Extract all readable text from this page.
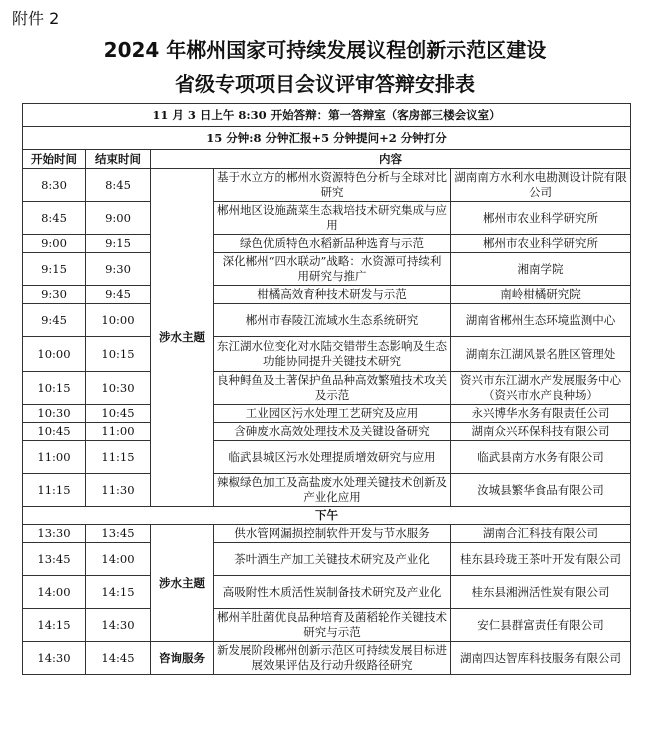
附件 2
2024 年郴州国家可持续发展议程创新示范区建设
省级专项项目会议评审答辩安排表
11 月 3 日上午 8:30 开始答辩：第一答辩室（客房部三楼会议室）				
15 分钟:8 分钟汇报+5 分钟提问+2 分钟打分				
开始时间	结束时间	内容		
8:30	8:45	涉水主题	基于水立方的郴州水资源特色分析与全球对比研究	湖南南方水利水电勘测设计院有限公司
8:45	9:00		郴州地区设施蔬菜生态栽培技术研究集成与应用	郴州市农业科学研究所
9:00	9:15		绿色优质特色水稻新品种选育与示范	郴州市农业科学研究所
9:15	9:30		深化郴州“四水联动”战略：水资源可持续利用研究与推广	湘南学院
9:30	9:45		柑橘高效育种技术研发与示范	南岭柑橘研究院
9:45	10:00		郴州市春陵江流域水生态系统研究	湖南省郴州生态环境监测中心
10:00	10:15		东江湖水位变化对水陆交错带生态影响及生态功能协同提升关键技术研究	湖南东江湖风景名胜区管理处
10:15	10:30		良种鲟鱼及土著保护鱼品种高效繁殖技术攻关及示范	资兴市东江湖水产发展服务中心（资兴市水产良种场）
10:30	10:45		工业园区污水处理工艺研究及应用	永兴博华水务有限责任公司
10:45	11:00		含砷废水高效处理技术及关键设备研究	湖南众兴环保科技有限公司
11:00	11:15		临武县城区污水处理提质增效研究与应用	临武县南方水务有限公司
11:15	11:30		辣椒绿色加工及高盐废水处理关键技术创新及产业化应用	汝城县繁华食品有限公司
下午				
13:30	13:45	涉水主题	供水管网漏损控制软件开发与节水服务	湖南合汇科技有限公司
13:45	14:00		茶叶酒生产加工关键技术研究及产业化	桂东县玲珑王茶叶开发有限公司
14:00	14:15		高吸附性木质活性炭制备技术研究及产业化	桂东县湘洲活性炭有限公司
14:15	14:30		郴州羊肚菌优良品种培育及菌稻轮作关键技术研究与示范	安仁县群富责任有限公司
14:30	14:45	咨询服务	新发展阶段郴州创新示范区可持续发展目标进展效果评估及行动升级路径研究	湖南四达智库科技服务有限公司
